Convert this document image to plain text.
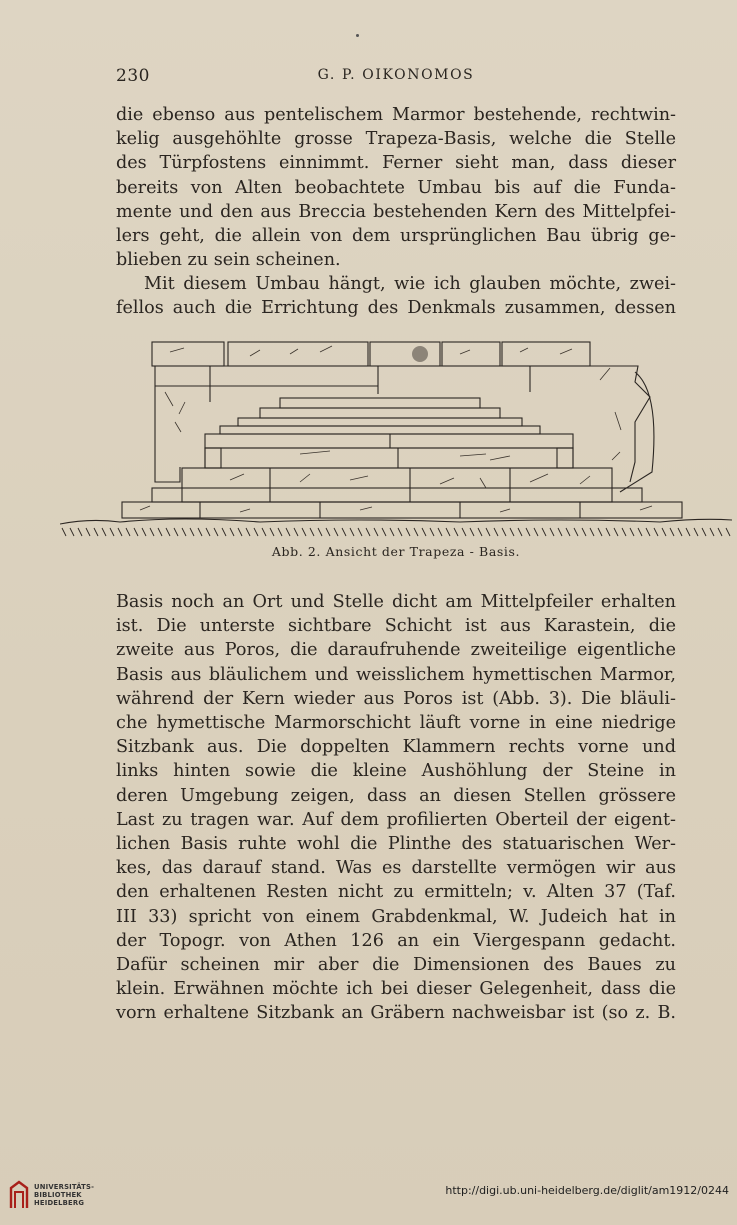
230	G. P. OIKONOMOS

die ebenso aus pentelischem Marmor bestehende, rechtwin-
kelig ausgehöhlte grosse Trapeza-Basis, welche die Stelle
des Türpfostens einnimmt. Ferner sieht man, dass dieser
bereits von Alten beobachtete Umbau bis auf die Funda-
mente und den aus Breccia bestehenden Kern des Mittelpfei-
lers geht, die allein von dem ursprünglichen Bau übrig ge-
blieben zu sein scheinen.

Mit diesem Umbau hängt, wie ich glauben möchte, zwei-
fellos auch die Errichtung des Denkmals zusammen, dessen

Abb. 2. Ansicht der Trapeza - Basis.

Basis noch an Ort und Stelle dicht am Mittelpfeiler erhalten
ist. Die unterste sichtbare Schicht ist aus Karastein, die
zweite aus Poros, die daraufruhende zweiteilige eigentliche
Basis aus bläulichem und weisslichem hymettischen Marmor,
während der Kern wieder aus Poros ist (Abb. 3). Die bläuli-
che hymettische Marmorschicht läuft vorne in eine niedrige
Sitzbank aus. Die doppelten Klammern rechts vorne und
links hinten sowie die kleine Aushöhlung der Steine in
deren Umgebung zeigen, dass an diesen Stellen grössere
Last zu tragen war. Auf dem profilierten Oberteil der eigent-
lichen Basis ruhte wohl die Plinthe des statuarischen Wer-
kes, das darauf stand. Was es darstellte vermögen wir aus
den erhaltenen Resten nicht zu ermitteln; v. Alten 37 (Taf.
III 33) spricht von einem Grabdenkmal, W. Judeich hat in
der Topogr. von Athen 126 an ein Viergespann gedacht.
Dafür scheinen mir aber die Dimensionen des Baues zu
klein. Erwähnen möchte ich bei dieser Gelegenheit, dass die
vorn erhaltene Sitzbank an Gräbern nachweisbar ist (so z. B.

UNIVERSITÄTS-
BIBLIOTHEK
HEIDELBERG
http://digi.ub.uni-heidelberg.de/diglit/am1912/0244
